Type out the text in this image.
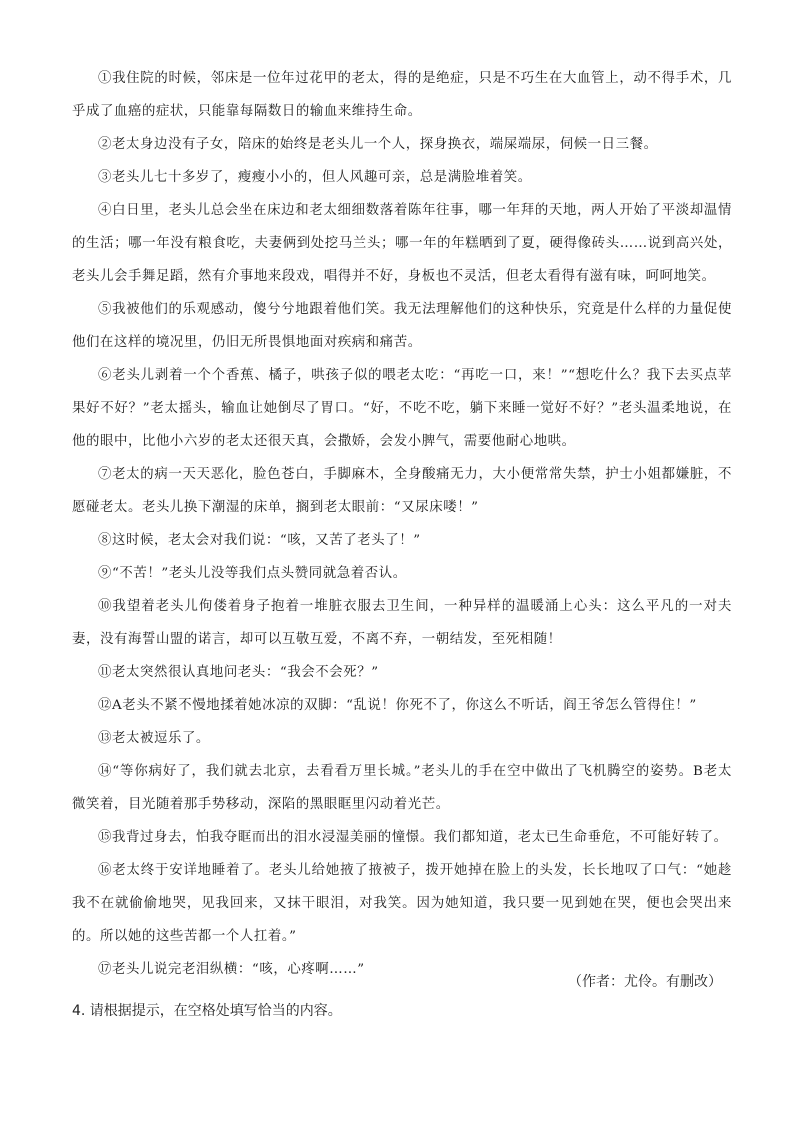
①我住院的时候，邻床是一位年过花甲的老太，得的是绝症，只是不巧生在大血管上，动不得手术，几乎成了血癌的症状，只能靠每隔数日的输血来维持生命。

②老太身边没有子女，陪床的始终是老头儿一个人，探身换衣，端屎端尿，伺候一日三餐。

③老头儿七十多岁了，瘦瘦小小的，但人风趣可亲，总是满脸堆着笑。

④白日里，老头儿总会坐在床边和老太细细数落着陈年往事，哪一年拜的天地，两人开始了平淡却温情的生活；哪一年没有粮食吃，夫妻俩到处挖马兰头；哪一年的年糕晒到了夏，硬得像砖头……说到高兴处，老头儿会手舞足蹈，然有介事地来段戏，唱得并不好，身板也不灵活，但老太看得有滋有味，呵呵地笑。

⑤我被他们的乐观感动，傻兮兮地跟着他们笑。我无法理解他们的这种快乐，究竟是什么样的力量促使他们在这样的境况里，仍旧无所畏惧地面对疾病和痛苦。

⑥老头儿剥着一个个香蕉、橘子，哄孩子似的喂老太吃：“再吃一口，来！”“想吃什么？我下去买点苹果好不好？”老太摇头，输血让她倒尽了胃口。“好，不吃不吃，躺下来睡一觉好不好？”老头温柔地说，在他的眼中，比他小六岁的老太还很天真，会撒娇，会发小脾气，需要他耐心地哄。

⑦老太的病一天天恶化，脸色苍白，手脚麻木，全身酸痛无力，大小便常常失禁，护士小姐都嫌脏，不愿碰老太。老头儿换下潮湿的床单，搁到老太眼前：“又尿床喽！”

⑧这时候，老太会对我们说：“咳，又苦了老头了！”

⑨“不苦！”老头儿没等我们点头赞同就急着否认。

⑩我望着老头儿佝偻着身子抱着一堆脏衣服去卫生间，一种异样的温暖涌上心头：这么平凡的一对夫妻，没有海誓山盟的诺言，却可以互敬互爱，不离不弃，一朝结发，至死相随！

⑪老太突然很认真地问老头：“我会不会死？”

⑫A老头不紧不慢地揉着她冰凉的双脚：“乱说！你死不了，你这么不听话，阎王爷怎么管得住！”

⑬老太被逗乐了。

⑭“等你病好了，我们就去北京，去看看万里长城。”老头儿的手在空中做出了飞机腾空的姿势。B老太微笑着，目光随着那手势移动，深陷的黑眼眶里闪动着光芒。

⑮我背过身去，怕我夺眶而出的泪水浸湿美丽的憧憬。我们都知道，老太已生命垂危，不可能好转了。

⑯老太终于安详地睡着了。老头儿给她掖了掖被子，拨开她掉在脸上的头发，长长地叹了口气：“她趁我不在就偷偷地哭，见我回来，又抹干眼泪，对我笑。因为她知道，我只要一见到她在哭，便也会哭出来的。所以她的这些苦都一个人扛着。”

⑰老头儿说完老泪纵横：“咳，心疼啊……”

（作者：尤伶。有删改）

4. 请根据提示，在空格处填写恰当的内容。
